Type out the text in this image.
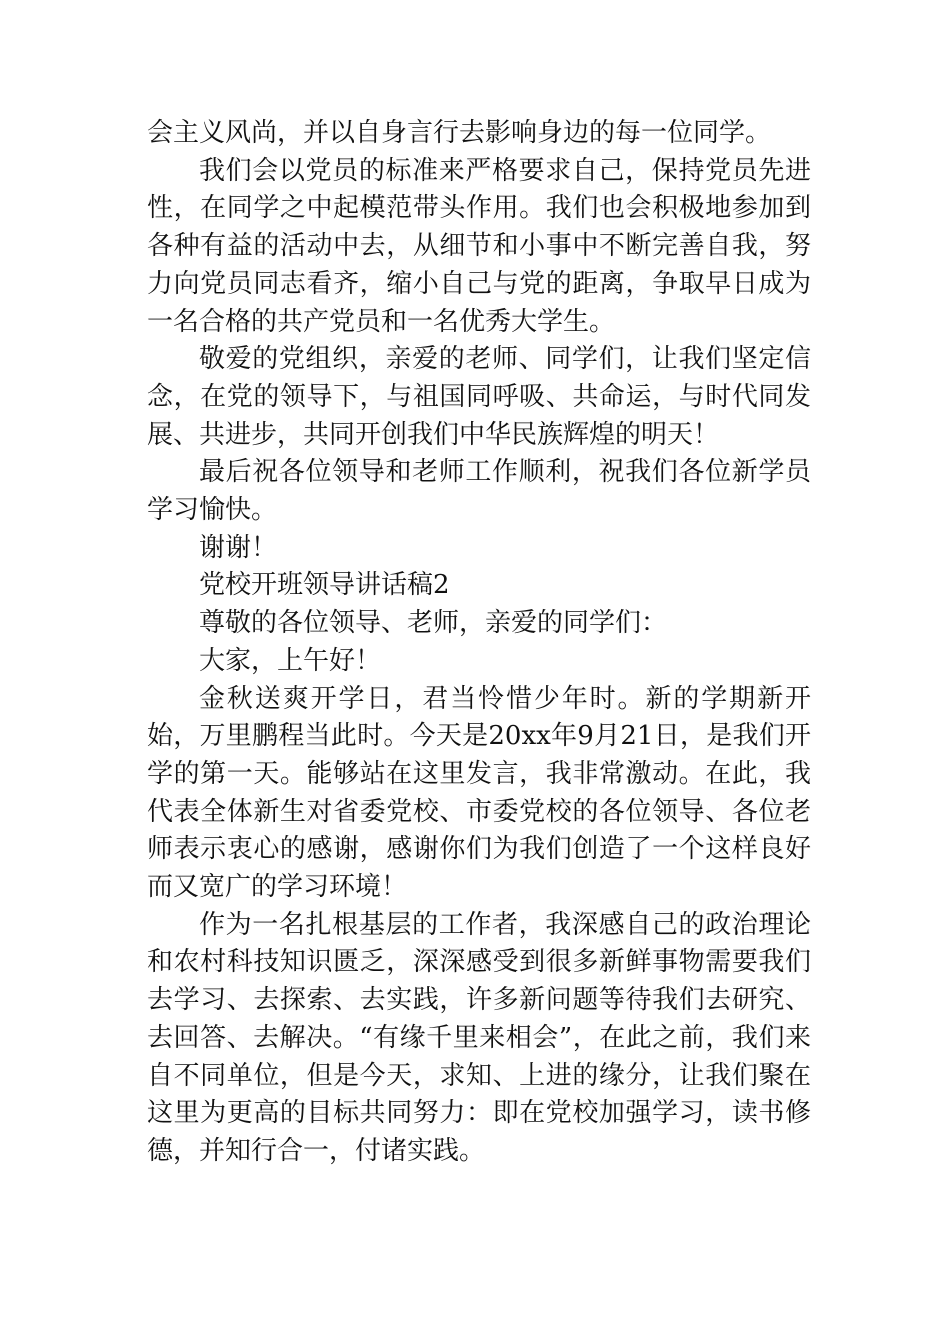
会主义风尚，并以自身言行去影响身边的每一位同学。

我们会以党员的标准来严格要求自己，保持党员先进性，在同学之中起模范带头作用。我们也会积极地参加到各种有益的活动中去，从细节和小事中不断完善自我，努力向党员同志看齐，缩小自己与党的距离，争取早日成为一名合格的共产党员和一名优秀大学生。

敬爱的党组织，亲爱的老师、同学们，让我们坚定信念，在党的领导下，与祖国同呼吸、共命运，与时代同发展、共进步，共同开创我们中华民族辉煌的明天！

最后祝各位领导和老师工作顺利，祝我们各位新学员学习愉快。

谢谢！

党校开班领导讲话稿2

尊敬的各位领导、老师，亲爱的同学们：

大家，上午好！

金秋送爽开学日，君当怜惜少年时。新的学期新开始，万里鹏程当此时。今天是20xx年9月21日，是我们开学的第一天。能够站在这里发言，我非常激动。在此，我代表全体新生对省委党校、市委党校的各位领导、各位老师表示衷心的感谢，感谢你们为我们创造了一个这样良好而又宽广的学习环境！

作为一名扎根基层的工作者，我深感自己的政治理论和农村科技知识匮乏，深深感受到很多新鲜事物需要我们去学习、去探索、去实践，许多新问题等待我们去研究、去回答、去解决。“有缘千里来相会”，在此之前，我们来自不同单位，但是今天，求知、上进的缘分，让我们聚在这里为更高的目标共同努力：即在党校加强学习，读书修德，并知行合一，付诸实践。
